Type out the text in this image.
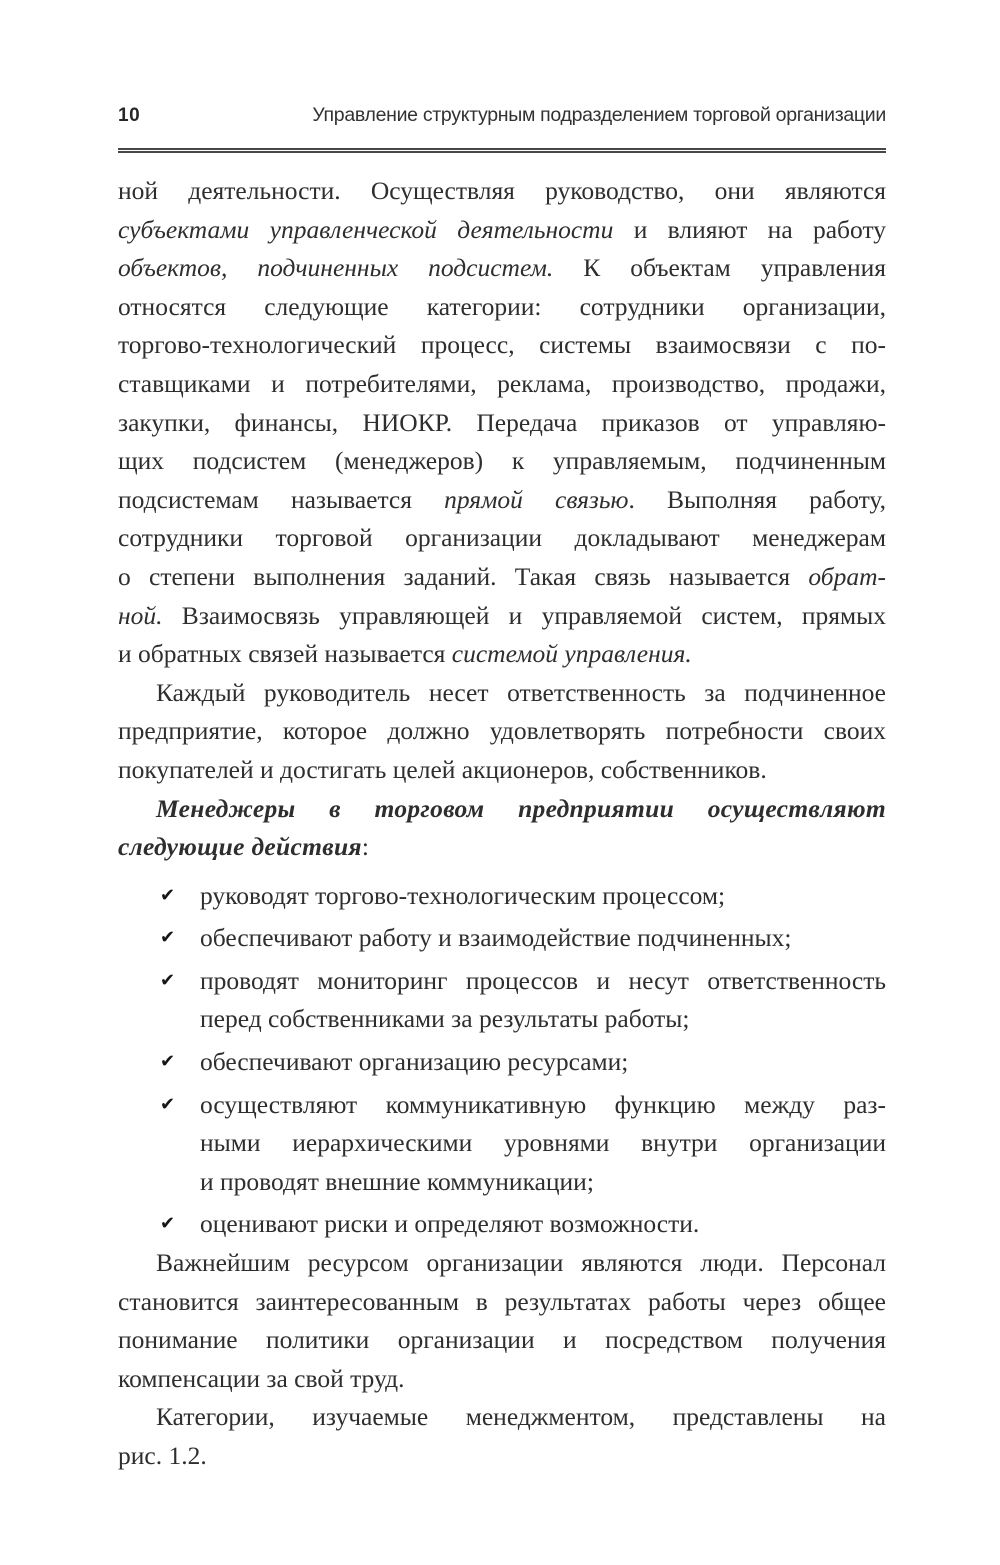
10	Управление структурным подразделением торговой организации
ной деятельности. Осуществляя руководство, они являются
субъектами управленческой деятельности и влияют на работу
объектов, подчиненных подсистем. К объектам управления
относятся следующие категории: сотрудники организации,
торгово-технологический процесс, системы взаимосвязи с по-
ставщиками и потребителями, реклама, производство, продажи,
закупки, финансы, НИОКР. Передача приказов от управляю-
щих подсистем (менеджеров) к управляемым, подчиненным
подсистемам называется прямой связью. Выполняя работу,
сотрудники торговой организации докладывают менеджерам
о степени выполнения заданий. Такая связь называется обрат-
ной. Взаимосвязь управляющей и управляемой систем, прямых
и обратных связей называется системой управления.
Каждый руководитель несет ответственность за подчиненное
предприятие, которое должно удовлетворять потребности своих
покупателей и достигать целей акционеров, собственников.
Менеджеры в торговом предприятии осуществляют
следующие действия:
✔ руководят торгово-технологическим процессом;
✔ обеспечивают работу и взаимодействие подчиненных;
✔ проводят мониторинг процессов и несут ответственность
перед собственниками за результаты работы;
✔ обеспечивают организацию ресурсами;
✔ осуществляют коммуникативную функцию между раз-
ными иерархическими уровнями внутри организации
и проводят внешние коммуникации;
✔ оценивают риски и определяют возможности.
Важнейшим ресурсом организации являются люди. Персонал
становится заинтересованным в результатах работы через общее
понимание политики организации и посредством получения
компенсации за свой труд.
Категории, изучаемые менеджментом, представлены на
рис. 1.2.
